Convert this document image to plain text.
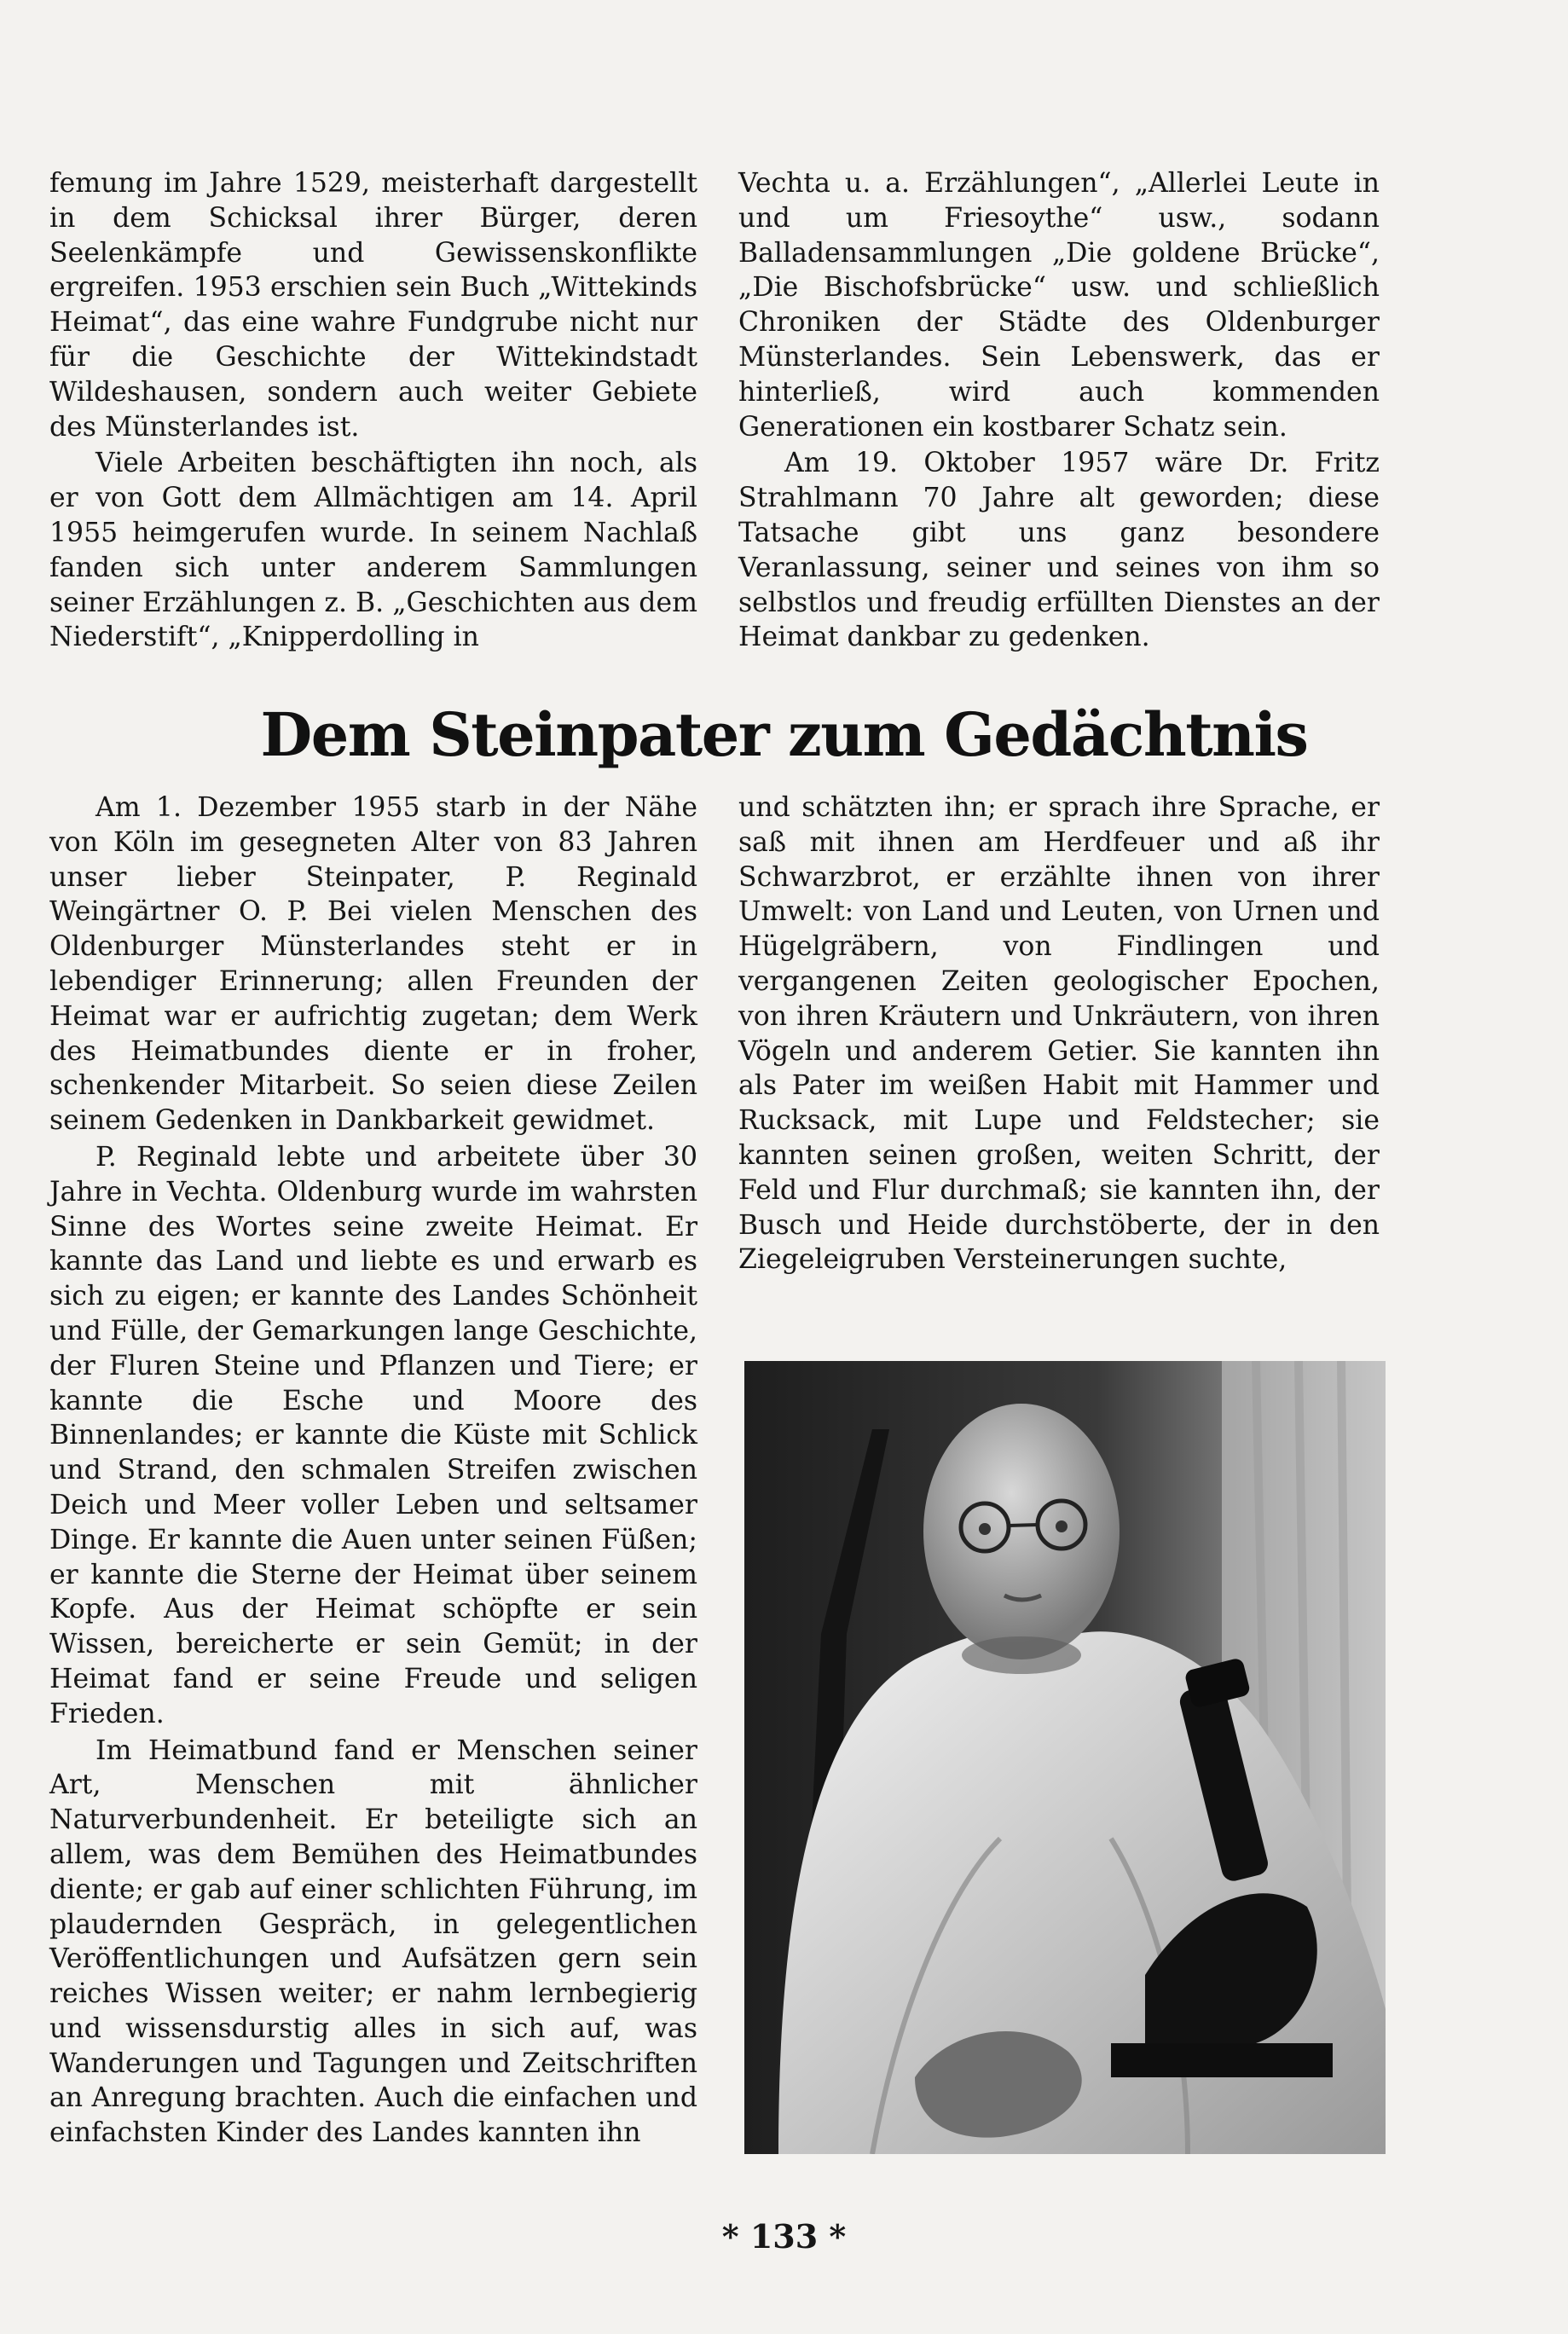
femung im Jahre 1529, meisterhaft dargestellt in dem Schicksal ihrer Bürger, deren Seelenkämpfe und Gewissenskonflikte ergreifen. 1953 erschien sein Buch „Wittekinds Heimat“, das eine wahre Fundgrube nicht nur für die Geschichte der Wittekindstadt Wildeshausen, sondern auch weiter Gebiete des Münsterlandes ist.

Viele Arbeiten beschäftigten ihn noch, als er von Gott dem Allmächtigen am 14. April 1955 heimgerufen wurde. In seinem Nachlaß fanden sich unter anderem Sammlungen seiner Erzählungen z. B. „Geschichten aus dem Niederstift“, „Knipperdolling in

Vechta u. a. Erzählungen“, „Allerlei Leute in und um Friesoythe“ usw., sodann Balladensammlungen „Die goldene Brücke“, „Die Bischofsbrücke“ usw. und schließlich Chroniken der Städte des Oldenburger Münsterlandes. Sein Lebenswerk, das er hinterließ, wird auch kommenden Generationen ein kostbarer Schatz sein.

Am 19. Oktober 1957 wäre Dr. Fritz Strahlmann 70 Jahre alt geworden; diese Tatsache gibt uns ganz besondere Veranlassung, seiner und seines von ihm so selbstlos und freudig erfüllten Dienstes an der Heimat dankbar zu gedenken.

Dem Steinpater zum Gedächtnis

Am 1. Dezember 1955 starb in der Nähe von Köln im gesegneten Alter von 83 Jahren unser lieber Steinpater, P. Reginald Weingärtner O. P. Bei vielen Menschen des Oldenburger Münsterlandes steht er in lebendiger Erinnerung; allen Freunden der Heimat war er aufrichtig zugetan; dem Werk des Heimatbundes diente er in froher, schenkender Mitarbeit. So seien diese Zeilen seinem Gedenken in Dankbarkeit gewidmet.

P. Reginald lebte und arbeitete über 30 Jahre in Vechta. Oldenburg wurde im wahrsten Sinne des Wortes seine zweite Heimat. Er kannte das Land und liebte es und erwarb es sich zu eigen; er kannte des Landes Schönheit und Fülle, der Gemarkungen lange Geschichte, der Fluren Steine und Pflanzen und Tiere; er kannte die Esche und Moore des Binnenlandes; er kannte die Küste mit Schlick und Strand, den schmalen Streifen zwischen Deich und Meer voller Leben und seltsamer Dinge. Er kannte die Auen unter seinen Füßen; er kannte die Sterne der Heimat über seinem Kopfe. Aus der Heimat schöpfte er sein Wissen, bereicherte er sein Gemüt; in der Heimat fand er seine Freude und seligen Frieden.

Im Heimatbund fand er Menschen seiner Art, Menschen mit ähnlicher Naturverbundenheit. Er beteiligte sich an allem, was dem Bemühen des Heimatbundes diente; er gab auf einer schlichten Führung, im plaudernden Gespräch, in gelegentlichen Veröffentlichungen und Aufsätzen gern sein reiches Wissen weiter; er nahm lernbegierig und wissensdurstig alles in sich auf, was Wanderungen und Tagungen und Zeitschriften an Anregung brachten. Auch die einfachen und einfachsten Kinder des Landes kannten ihn

und schätzten ihn; er sprach ihre Sprache, er saß mit ihnen am Herdfeuer und aß ihr Schwarzbrot, er erzählte ihnen von ihrer Umwelt: von Land und Leuten, von Urnen und Hügelgräbern, von Findlingen und vergangenen Zeiten geologischer Epochen, von ihren Kräutern und Unkräutern, von ihren Vögeln und anderem Getier. Sie kannten ihn als Pater im weißen Habit mit Hammer und Rucksack, mit Lupe und Feldstecher; sie kannten seinen großen, weiten Schritt, der Feld und Flur durchmaß; sie kannten ihn, der Busch und Heide durchstöberte, der in den Ziegeleigruben Versteinerungen suchte,

* 133 *
